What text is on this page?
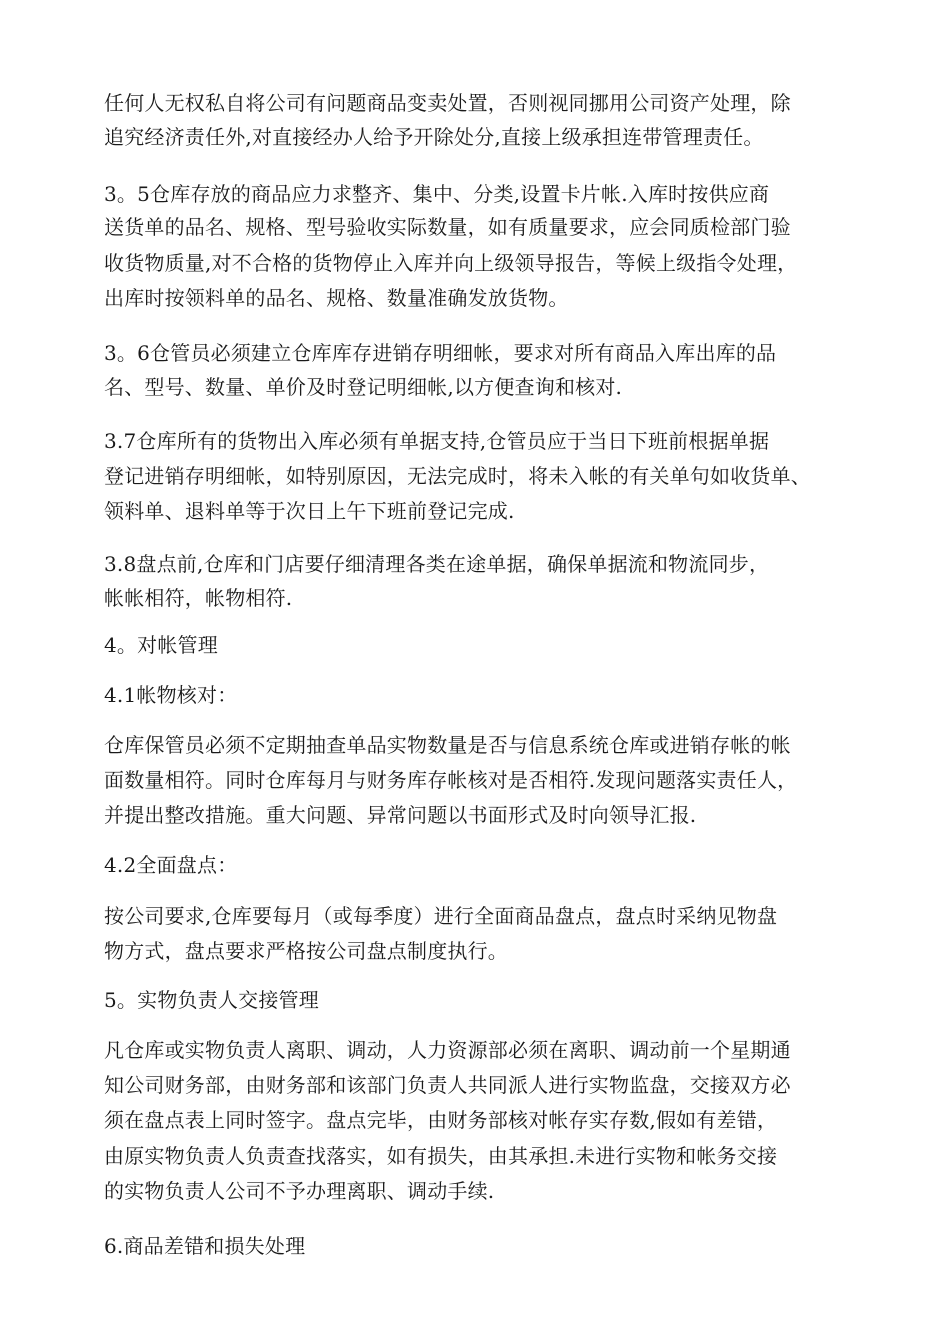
任何人无权私自将公司有问题商品变卖处置，否则视同挪用公司资产处理，除
追究经济责任外,对直接经办人给予开除处分,直接上级承担连带管理责任。
3。5仓库存放的商品应力求整齐、集中、分类,设置卡片帐.入库时按供应商
送货单的品名、规格、型号验收实际数量，如有质量要求，应会同质检部门验
收货物质量,对不合格的货物停止入库并向上级领导报告，等候上级指令处理，
出库时按领料单的品名、规格、数量准确发放货物。
3。6仓管员必须建立仓库库存进销存明细帐，要求对所有商品入库出库的品
名、型号、数量、单价及时登记明细帐,以方便查询和核对.
3.7仓库所有的货物出入库必须有单据支持,仓管员应于当日下班前根据单据
登记进销存明细帐，如特别原因，无法完成时，将未入帐的有关单句如收货单、
领料单、退料单等于次日上午下班前登记完成.
3.8盘点前,仓库和门店要仔细清理各类在途单据，确保单据流和物流同步，
帐帐相符，帐物相符.
4。对帐管理
4.1帐物核对：
仓库保管员必须不定期抽查单品实物数量是否与信息系统仓库或进销存帐的帐
面数量相符。同时仓库每月与财务库存帐核对是否相符.发现问题落实责任人，
并提出整改措施。重大问题、异常问题以书面形式及时向领导汇报.
4.2全面盘点：
按公司要求,仓库要每月（或每季度）进行全面商品盘点，盘点时采纳见物盘
物方式，盘点要求严格按公司盘点制度执行。
5。实物负责人交接管理
凡仓库或实物负责人离职、调动，人力资源部必须在离职、调动前一个星期通
知公司财务部，由财务部和该部门负责人共同派人进行实物监盘，交接双方必
须在盘点表上同时签字。盘点完毕，由财务部核对帐存实存数,假如有差错，
由原实物负责人负责查找落实，如有损失，由其承担.未进行实物和帐务交接
的实物负责人公司不予办理离职、调动手续.
6.商品差错和损失处理
